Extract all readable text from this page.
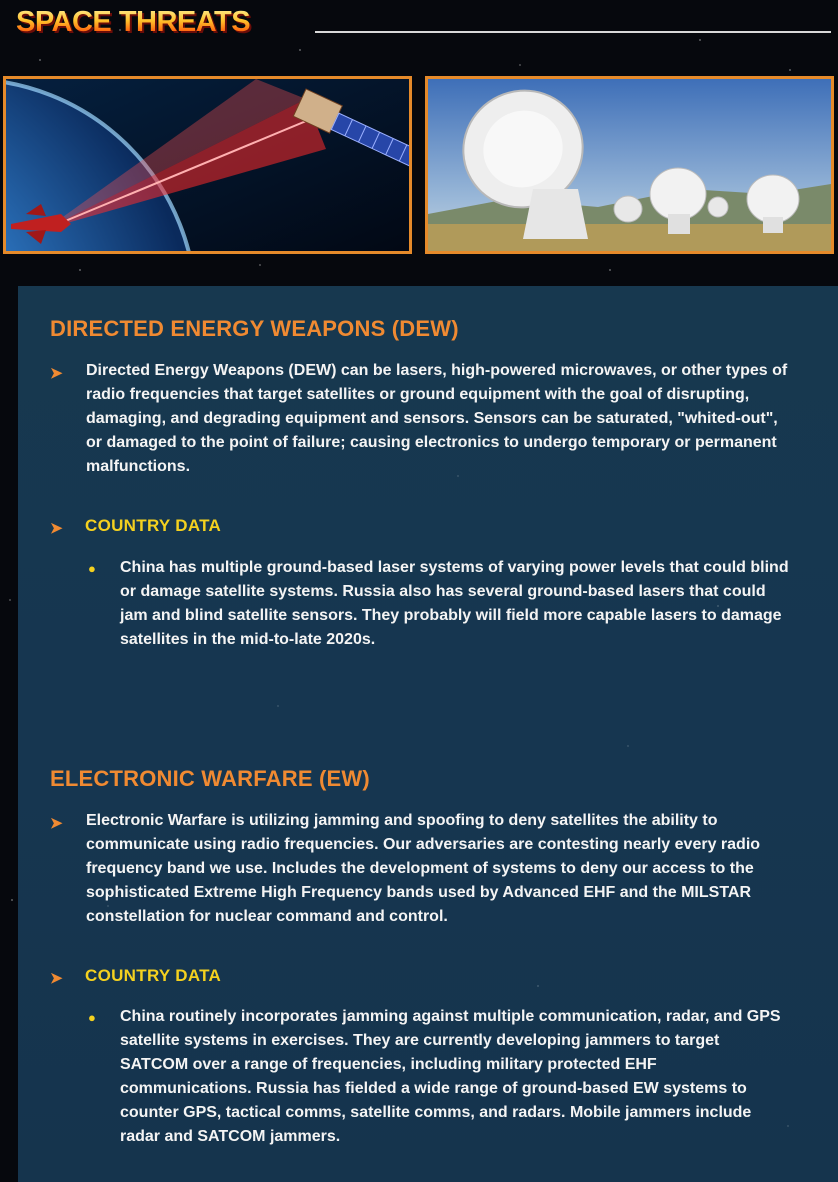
SPACE THREATS
DIRECTED ENERGY WEAPONS (DEW)
➤ Directed Energy Weapons (DEW) can be lasers, high-powered microwaves, or other types of radio frequencies that target satellites or ground equipment with the goal of disrupting, damaging, and degrading equipment and sensors. Sensors can be saturated, "whited-out", or damaged to the point of failure; causing electronics to undergo temporary or permanent malfunctions.

➤ COUNTRY DATA
● China has multiple ground-based laser systems of varying power levels that could blind or damage satellite systems. Russia also has several ground-based lasers that could jam and blind satellite sensors. They probably will field more capable lasers to damage satellites in the mid-to-late 2020s.

ELECTRONIC WARFARE (EW)
➤ Electronic Warfare is utilizing jamming and spoofing to deny satellites the ability to communicate using radio frequencies. Our adversaries are contesting nearly every radio frequency band we use. Includes the development of systems to deny our access to the sophisticated Extreme High Frequency bands used by Advanced EHF and the MILSTAR constellation for nuclear command and control.

➤ COUNTRY DATA
● China routinely incorporates jamming against multiple communication, radar, and GPS satellite systems in exercises. They are currently developing jammers to target SATCOM over a range of frequencies, including military protected EHF communications. Russia has fielded a wide range of ground-based EW systems to counter GPS, tactical comms, satellite comms, and radars. Mobile jammers include radar and SATCOM jammers.
